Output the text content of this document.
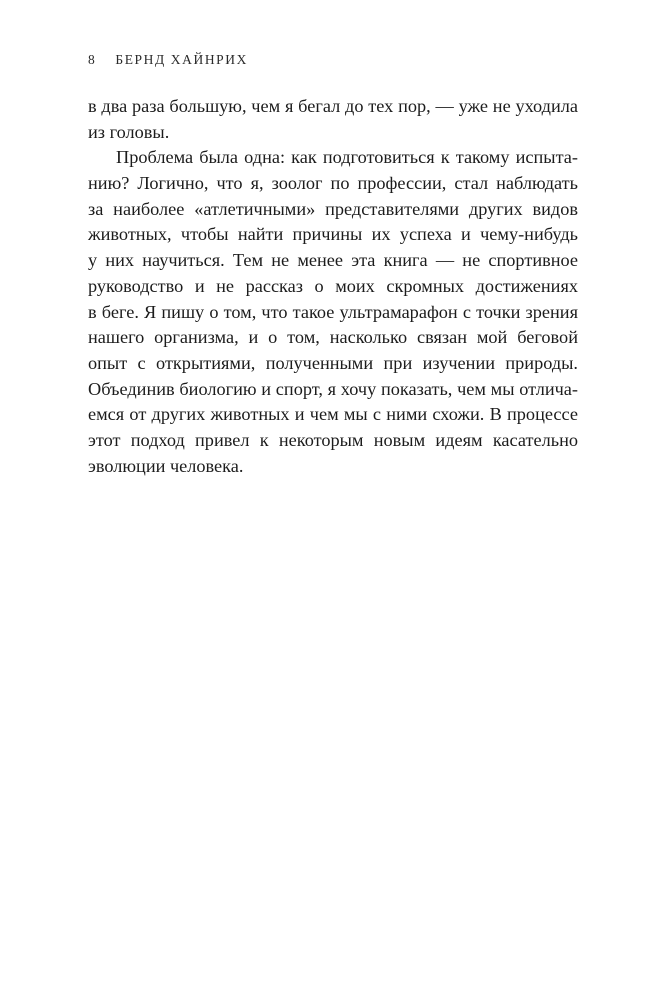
8 БЕРНД ХАЙНРИХ
в два раза большую, чем я бегал до тех пор, — уже не уходила
из головы.
Проблема была одна: как подготовиться к такому испыта-
нию? Логично, что я, зоолог по профессии, стал наблюдать
за наиболее «атлетичными» представителями других видов
животных, чтобы найти причины их успеха и чему-нибудь
у них научиться. Тем не менее эта книга — не спортивное
руководство и не рассказ о моих скромных достижениях
в беге. Я пишу о том, что такое ультрамарафон с точки зрения
нашего организма, и о том, насколько связан мой беговой
опыт с открытиями, полученными при изучении природы.
Объединив биологию и спорт, я хочу показать, чем мы отлича-
емся от других животных и чем мы с ними схожи. В процессе
этот подход привел к некоторым новым идеям касательно
эволюции человека.
